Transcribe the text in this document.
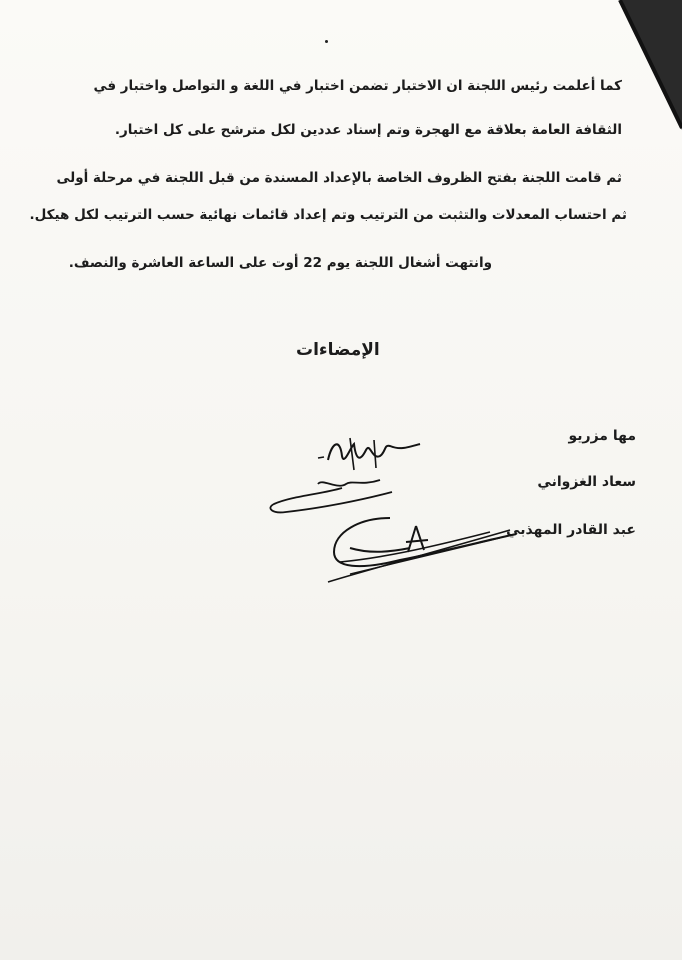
كما أعلمت رئيس اللجنة ان الاختبار تضمن اختبار في اللغة و التواصل واختبار في
الثقافة العامة بعلاقة مع الهجرة وتم إسناد عددين لكل مترشح على كل اختبار.
ثم قامت اللجنة بفتح الظروف الخاصة بالإعداد المسندة من قبل اللجنة في مرحلة أولى
ثم احتساب المعدلات والتثبت من الترتيب وتم إعداد قائمات نهائية حسب الترتيب لكل هيكل.
وانتهت أشغال اللجنة يوم 22 أوت على الساعة العاشرة والنصف.
الإمضاءات
مها مزريو
سعاد الغزواني
عبد القادر المهذبي
